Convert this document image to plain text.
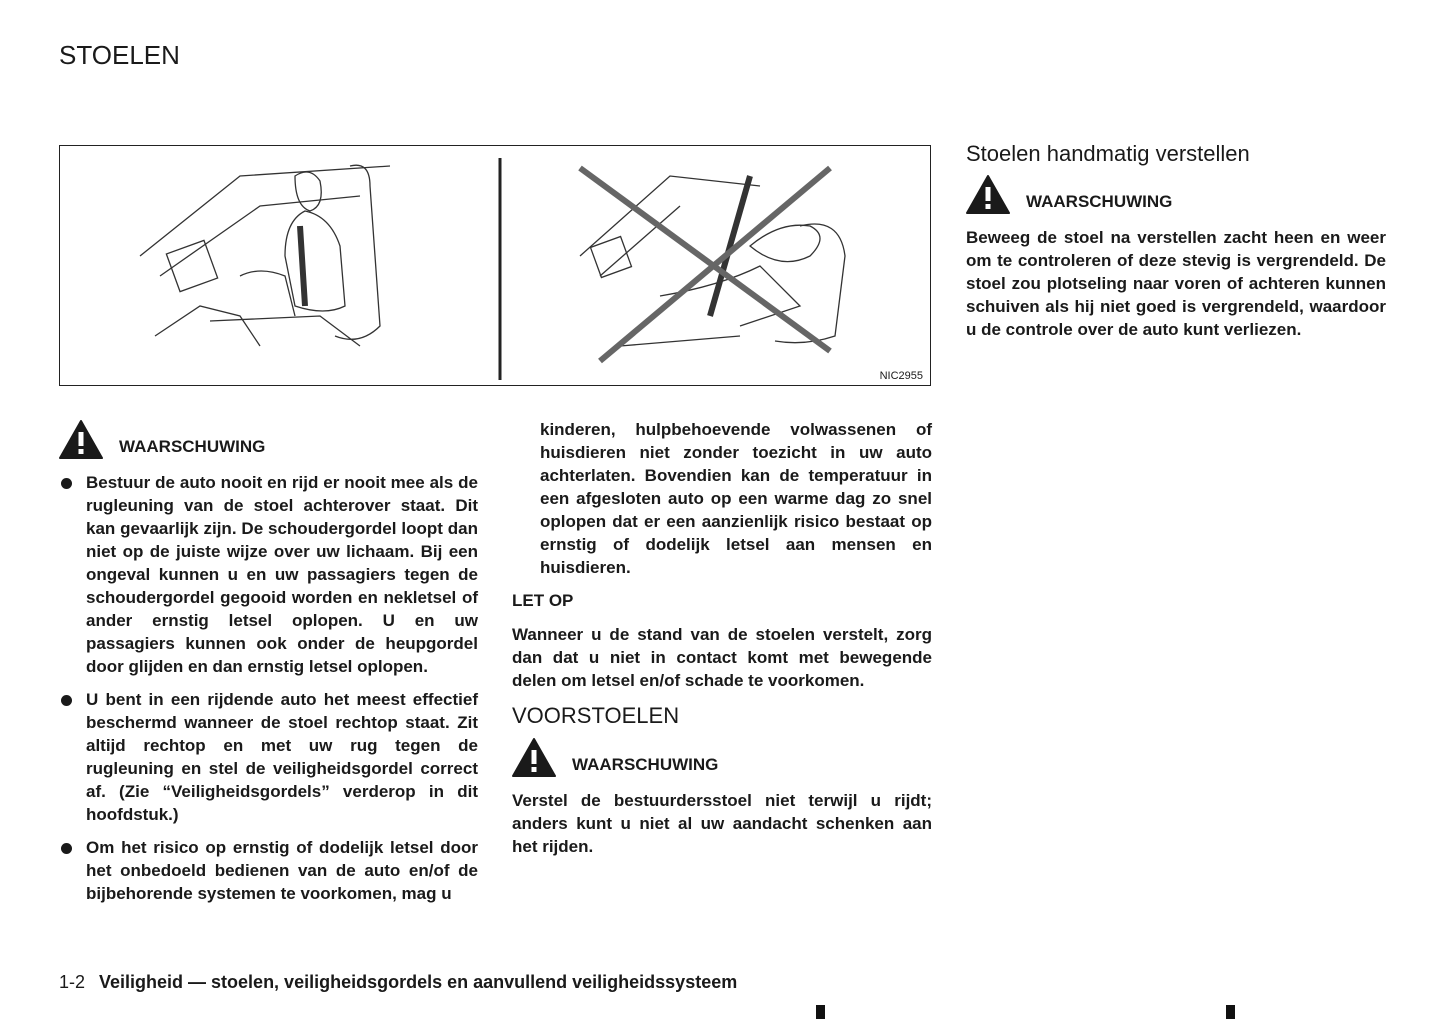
STOELEN
NIC2955
WAARSCHUWING
Bestuur de auto nooit en rijd er nooit mee als de rugleuning van de stoel achterover staat. Dit kan gevaarlijk zijn. De schoudergordel loopt dan niet op de juiste wijze over uw lichaam. Bij een ongeval kunnen u en uw passagiers tegen de schoudergordel gegooid worden en nekletsel of ander ernstig letsel oplopen. U en uw passagiers kunnen ook onder de heupgordel door glijden en dan ernstig letsel oplopen.
U bent in een rijdende auto het meest effectief beschermd wanneer de stoel rechtop staat. Zit altijd rechtop en met uw rug tegen de rugleuning en stel de veiligheidsgordel correct af. (Zie “Veiligheidsgordels” verderop in dit hoofdstuk.)
Om het risico op ernstig of dodelijk letsel door het onbedoeld bedienen van de auto en/of de bijbehorende systemen te voorkomen, mag u
kinderen, hulpbehoevende volwassenen of huisdieren niet zonder toezicht in uw auto achterlaten. Bovendien kan de temperatuur in een afgesloten auto op een warme dag zo snel oplopen dat er een aanzienlijk risico bestaat op ernstig of dodelijk letsel aan mensen en huisdieren.
LET OP
Wanneer u de stand van de stoelen verstelt, zorg dan dat u niet in contact komt met bewegende delen om letsel en/of schade te voorkomen.
VOORSTOELEN
WAARSCHUWING
Verstel de bestuurdersstoel niet terwijl u rijdt; anders kunt u niet al uw aandacht schenken aan het rijden.
Stoelen handmatig verstellen
WAARSCHUWING
Beweeg de stoel na verstellen zacht heen en weer om te controleren of deze stevig is vergrendeld. De stoel zou plotseling naar voren of achteren kunnen schuiven als hij niet goed is vergrendeld, waardoor u de controle over de auto kunt verliezen.
1-2 Veiligheid — stoelen, veiligheidsgordels en aanvullend veiligheidssysteem
